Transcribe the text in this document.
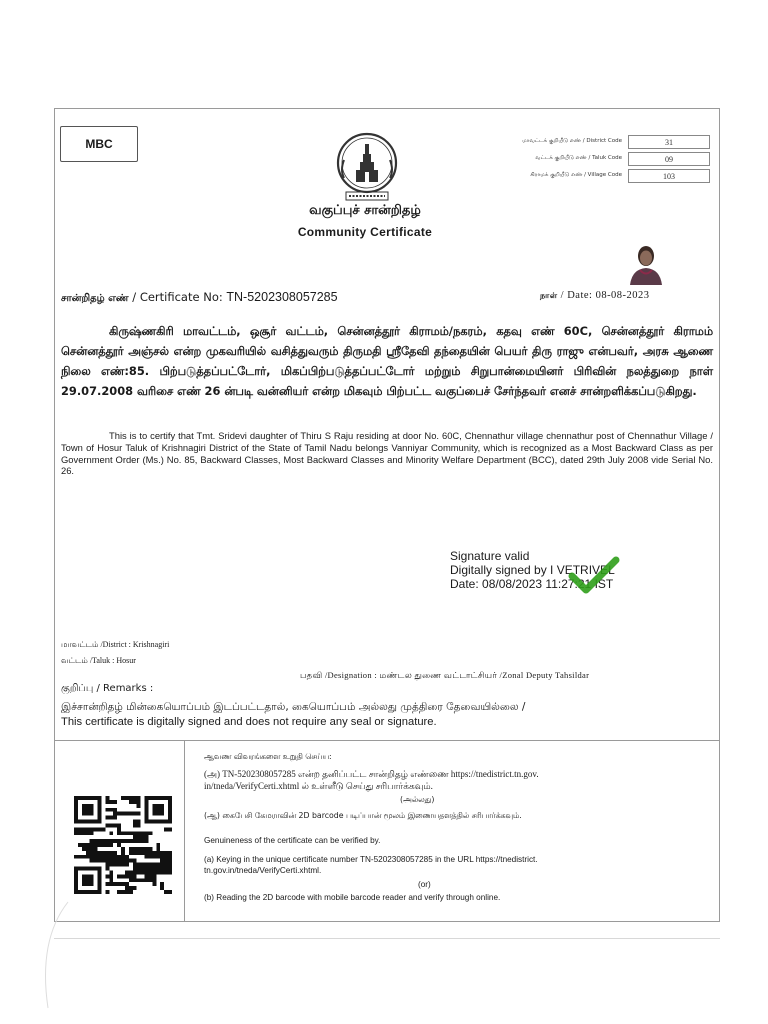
MBC	மாவட்டக் குறியீடு எண் / District Code	31
வட்டக் குறியீடு எண் / Taluk Code	09
கிராமக் குறியீடு எண் / Village Code	103
வகுப்புச் சான்றிதழ்
Community Certificate
சான்றிதழ் எண் / Certificate No: TN-5202308057285	நாள் / Date: 08-08-2023
கிருஷ்ணகிரி மாவட்டம், ஒசூர் வட்டம், சென்னத்தூர் கிராமம்/நகரம், கதவு எண் 60C, சென்னத்தூர் கிராமம் சென்னத்தூர் அஞ்சல் என்ற முகவரியில் வசித்துவரும் திருமதி ஸ்ரீதேவி தந்தையின் பெயர் திரு ராஜு என்பவர், அரசு ஆணை நிலை எண்:85. பிற்படுத்தப்பட்டோர், மிகப்பிற்படுத்தப்பட்டோர் மற்றும் சிறுபான்மையினர் பிரிவின் நலத்துறை நாள் 29.07.2008 வரிசை எண் 26 ன்படி வன்னியர் என்ற மிகவும் பிற்பட்ட வகுப்பைச் சேர்ந்தவர் எனச் சான்றளிக்கப்படுகிறது.
This is to certify that Tmt. Sridevi daughter of Thiru S Raju residing at door No. 60C, Chennathur village chennathur post of Chennathur Village / Town of Hosur Taluk of Krishnagiri District of the State of Tamil Nadu belongs Vanniyar Community, which is recognized as a Most Backward Class as per Government Order (Ms.) No. 85, Backward Classes, Most Backward Classes and Minority Welfare Department (BCC), dated 29th July 2008 vide Serial No. 26.
Signature valid
Digitally signed by I VETRIVEL
Date: 08/08/2023 11:27:21 IST
மாவட்டம் /District : Krishnagiri
வட்டம் /Taluk : Hosur
பதவி /Designation : மண்டல துணை வட்டாட்சியர் /Zonal Deputy Tahsildar
குறிப்பு / Remarks :
இச்சான்றிதழ் மின்கையொப்பம் இடப்பட்டதால், கையொப்பம் அல்லது முத்திரை தேவையில்லை /
This certificate is digitally signed and does not require any seal or signature.
ஆவண விவரங்களை உறுதி செய்ய:
(அ) TN-5202308057285 என்ற தனிப்பட்ட சான்றிதழ் எண்ணை https://tnedistrict.tn.gov.
in/tneda/VerifyCerti.xhtml ல் உள்ளீடு செய்து சரிபார்க்கவும்.
(அல்லது)
(ஆ) கைபேசி கேமராவின் 2D barcode படிப்பான் மூலம் இணையதளத்தில் சரிபார்க்கவும்.
Genuineness of the certificate can be verified by.
(a) Keying in the unique certificate number TN-5202308057285 in the URL https://tnedistrict.
tn.gov.in/tneda/VerifyCerti.xhtml.
(or)
(b) Reading the 2D barcode with mobile barcode reader and verify through online.
